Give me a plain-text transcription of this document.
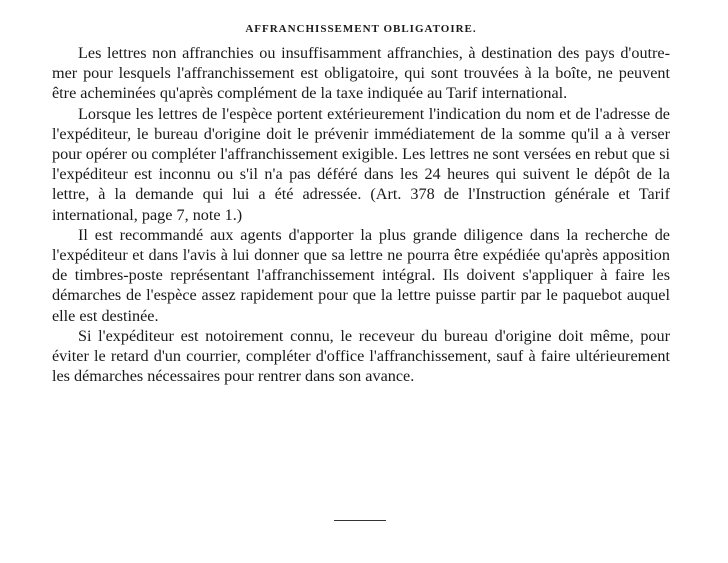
AFFRANCHISSEMENT OBLIGATOIRE.

Les lettres non affranchies ou insuffisamment affranchies, à destination des pays d'outre-mer pour lesquels l'affranchissement est obligatoire, qui sont trouvées à la boîte, ne peuvent être acheminées qu'après complément de la taxe indiquée au Tarif international.

Lorsque les lettres de l'espèce portent extérieurement l'indication du nom et de l'adresse de l'expéditeur, le bureau d'origine doit le prévenir immédiatement de la somme qu'il a à verser pour opérer ou compléter l'affranchissement exigible. Les lettres ne sont versées en rebut que si l'expéditeur est inconnu ou s'il n'a pas déféré dans les 24 heures qui suivent le dépôt de la lettre, à la demande qui lui a été adressée. (Art. 378 de l'Instruction générale et Tarif international, page 7, note 1.)

Il est recommandé aux agents d'apporter la plus grande diligence dans la recherche de l'expéditeur et dans l'avis à lui donner que sa lettre ne pourra être expédiée qu'après apposition de timbres-poste représentant l'affranchissement intégral. Ils doivent s'appliquer à faire les démarches de l'espèce assez rapidement pour que la lettre puisse partir par le paquebot auquel elle est destinée.

Si l'expéditeur est notoirement connu, le receveur du bureau d'origine doit même, pour éviter le retard d'un courrier, compléter d'office l'affranchissement, sauf à faire ultérieurement les démarches nécessaires pour rentrer dans son avance.
